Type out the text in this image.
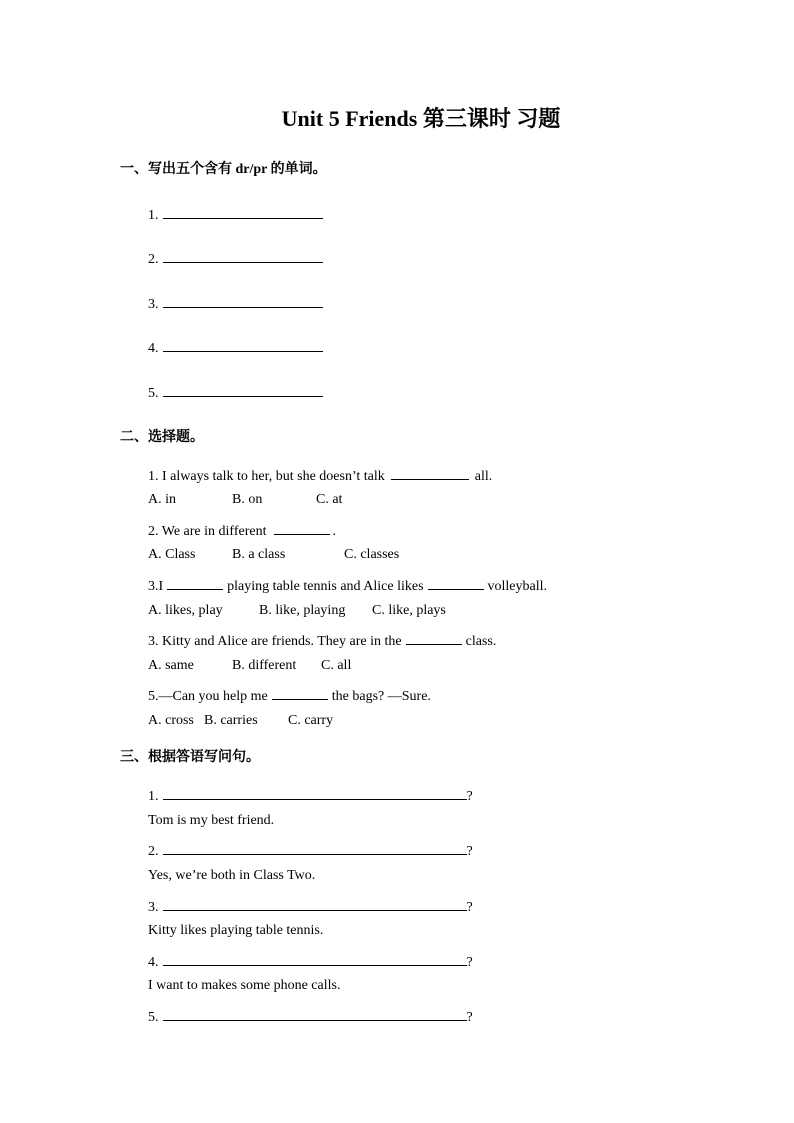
Unit 5 Friends 第三课时 习题
一、写出五个含有 dr/pr 的单词。
1.
2.
3.
4.
5.
二、选择题。
1. I always talk to her, but she doesn’t talk	all.
A. in	B. on	C. at
2. We are in different	.
A. Class	B. a class	C. classes
3.I	playing table tennis and Alice likes	volleyball.
A. likes, play	B. like, playing C. like, plays
3. Kitty and Alice are friends. They are in the	class.
A. same	B. different C. all
5.—Can you help me	the bags? —Sure.
A. cross B. carries C. carry
三、根据答语写问句。
1.	?
Tom is my best friend.
2.	?
Yes, we’re both in Class Two.
3.	?
Kitty likes playing table tennis.
4.	?
I want to makes some phone calls.
5.	?
